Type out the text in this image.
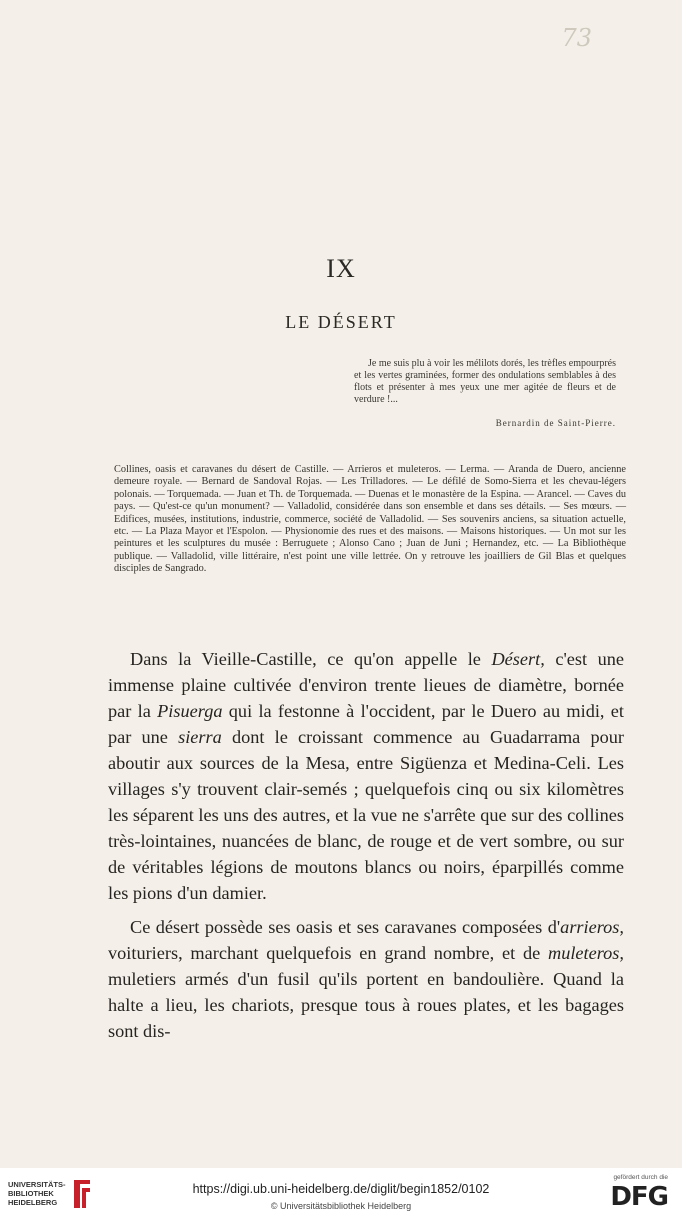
73
IX
LE DÉSERT
Je me suis plu à voir les mélilots dorés, les trèfles empourprés et les vertes graminées, former des ondulations semblables à des flots et présenter à mes yeux une mer agitée de fleurs et de verdure !...
Bernardin de Saint-Pierre.
Collines, oasis et caravanes du désert de Castille. — Arrieros et muleteros. — Lerma. — Aranda de Duero, ancienne demeure royale. — Bernard de Sandoval Rojas. — Les Trilladores. — Le défilé de Somo-Sierra et les chevau-légers polonais. — Torquemada. — Juan et Th. de Torquemada. — Duenas et le monastère de la Espina. — Arancel. — Caves du pays. — Qu'est-ce qu'un monument? — Valladolid, considérée dans son ensemble et dans ses détails. — Ses mœurs. — Edifices, musées, institutions, industrie, commerce, société de Valladolid. — Ses souvenirs anciens, sa situation actuelle, etc. — La Plaza Mayor et l'Espolon. — Physionomie des rues et des maisons. — Maisons historiques. — Un mot sur les peintures et les sculptures du musée : Berruguete ; Alonso Cano ; Juan de Juni ; Hernandez, etc. — La Bibliothèque publique. — Valladolid, ville littéraire, n'est point une ville lettrée. On y retrouve les joailliers de Gil Blas et quelques disciples de Sangrado.

Dans la Vieille-Castille, ce qu'on appelle le Désert, c'est une immense plaine cultivée d'environ trente lieues de diamètre, bornée par la Pisuerga qui la festonne à l'occident, par le Duero au midi, et par une sierra dont le croissant commence au Guadarrama pour aboutir aux sources de la Mesa, entre Sigüenza et Medina-Celi. Les villages s'y trouvent clair-semés ; quelquefois cinq ou six kilomètres les séparent les uns des autres, et la vue ne s'arrête que sur des collines très-lointaines, nuancées de blanc, de rouge et de vert sombre, ou sur de véritables légions de moutons blancs ou noirs, éparpillés comme les pions d'un damier.

Ce désert possède ses oasis et ses caravanes composées d'arrieros, voituriers, marchant quelquefois en grand nombre, et de muleteros, muletiers armés d'un fusil qu'ils portent en bandoulière. Quand la halte a lieu, les chariots, presque tous à roues plates, et les bagages sont dis-

UNIVERSITÄTS-
BIBLIOTHEK
HEIDELBERG
https://digi.ub.uni-heidelberg.de/diglit/begin1852/0102
© Universitätsbibliothek Heidelberg
gefördert durch die
DFG
